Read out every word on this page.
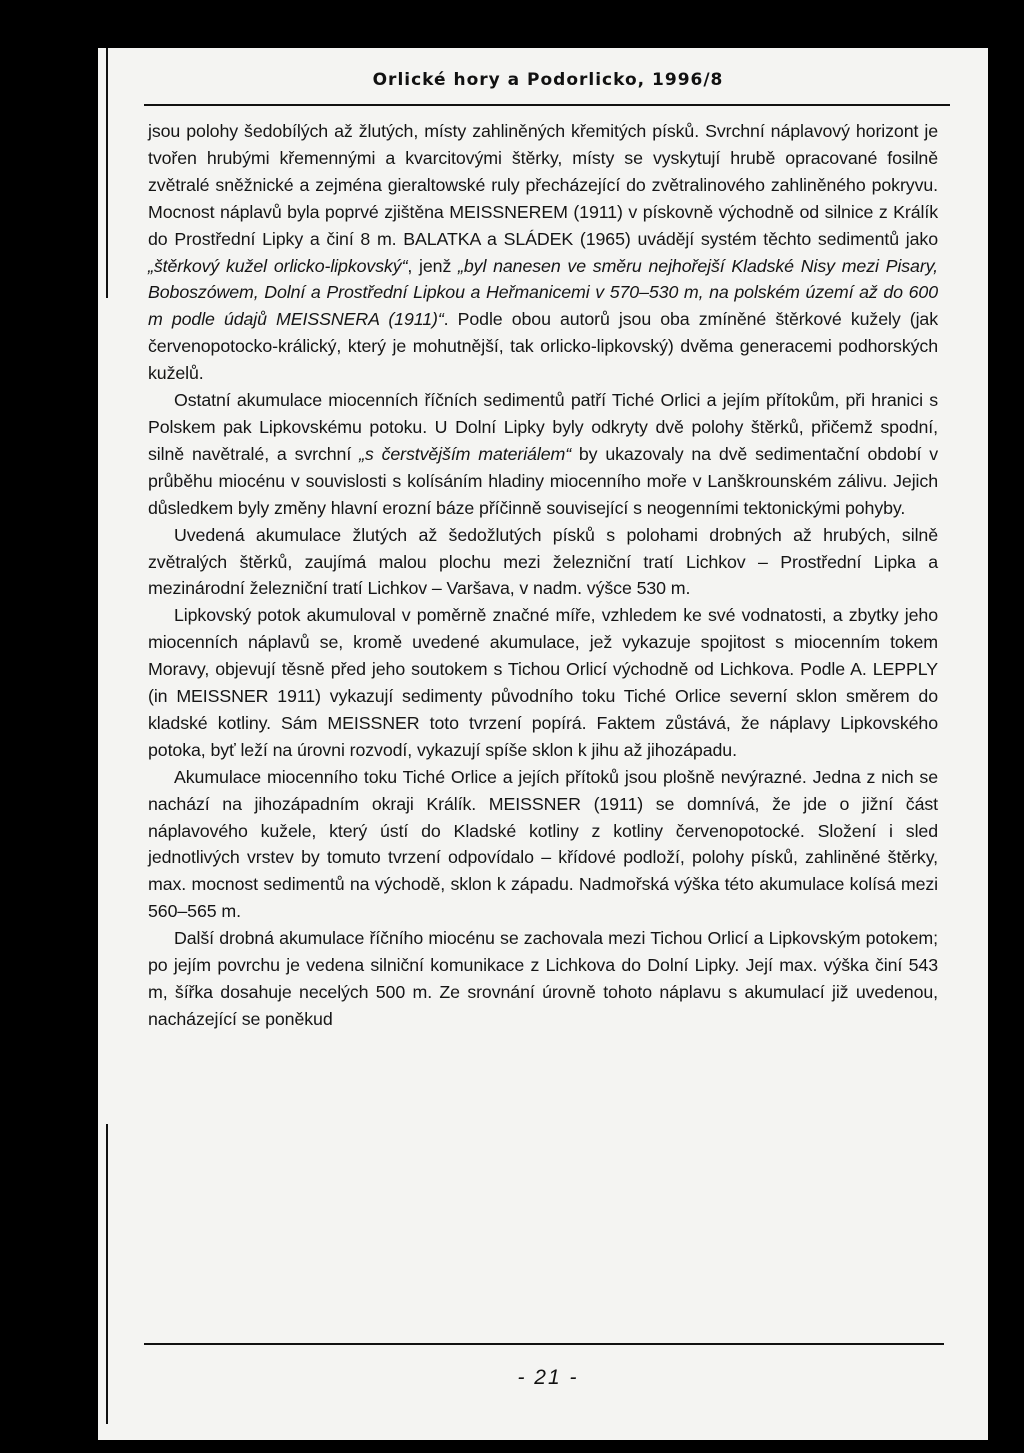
Orlické hory a Podorlicko, 1996/8

jsou polohy šedobílých až žlutých, místy zahliněných křemitých písků. Svrchní náplavový horizont je tvořen hrubými křemennými a kvarcitovými štěrky, místy se vyskytují hrubě opracované fosilně zvětralé sněžnické a zejména gieraltowské ruly přecházející do zvětralinového zahliněného pokryvu. Mocnost náplavů byla poprvé zjištěna MEISSNEREM (1911) v pískovně východně od silnice z Králík do Prostřední Lipky a činí 8 m. BALATKA a SLÁDEK (1965) uvádějí systém těchto sedimentů jako „štěrkový kužel orlicko-lipkovský“, jenž „byl nanesen ve směru nejhořejší Kladské Nisy mezi Pisary, Boboszówem, Dolní a Prostřední Lipkou a Heřmanicemi v 570–530 m, na polském území až do 600 m podle údajů MEISSNERA (1911)“. Podle obou autorů jsou oba zmíněné štěrkové kužely (jak červenopotocko-králický, který je mohutnější, tak orlicko-lipkovský) dvěma generacemi podhorských kuželů.

Ostatní akumulace miocenních říčních sedimentů patří Tiché Orlici a jejím přítokům, při hranici s Polskem pak Lipkovskému potoku. U Dolní Lipky byly odkryty dvě polohy štěrků, přičemž spodní, silně navětralé, a svrchní „s čerstvějším materiálem“ by ukazovaly na dvě sedimentační období v průběhu miocénu v souvislosti s kolísáním hladiny miocenního moře v Lanškrounském zálivu. Jejich důsledkem byly změny hlavní erozní báze příčinně související s neogenními tektonickými pohyby.

Uvedená akumulace žlutých až šedožlutých písků s polohami drobných až hrubých, silně zvětralých štěrků, zaujímá malou plochu mezi železniční tratí Lichkov – Prostřední Lipka a mezinárodní železniční tratí Lichkov – Varšava, v nadm. výšce 530 m.

Lipkovský potok akumuloval v poměrně značné míře, vzhledem ke své vodnatosti, a zbytky jeho miocenních náplavů se, kromě uvedené akumulace, jež vykazuje spojitost s miocenním tokem Moravy, objevují těsně před jeho soutokem s Tichou Orlicí východně od Lichkova. Podle A. LEPPLY (in MEISSNER 1911) vykazují sedimenty původního toku Tiché Orlice severní sklon směrem do kladské kotliny. Sám MEISSNER toto tvrzení popírá. Faktem zůstává, že náplavy Lipkovského potoka, byť leží na úrovni rozvodí, vykazují spíše sklon k jihu až jihozápadu.

Akumulace miocenního toku Tiché Orlice a jejích přítoků jsou plošně nevýrazné. Jedna z nich se nachází na jihozápadním okraji Králík. MEISSNER (1911) se domnívá, že jde o jižní část náplavového kužele, který ústí do Kladské kotliny z kotliny červenopotocké. Složení i sled jednotlivých vrstev by tomuto tvrzení odpovídalo – křídové podloží, polohy písků, zahliněné štěrky, max. mocnost sedimentů na východě, sklon k západu. Nadmořská výška této akumulace kolísá mezi 560–565 m.

Další drobná akumulace říčního miocénu se zachovala mezi Tichou Orlicí a Lipkovským potokem; po jejím povrchu je vedena silniční komunikace z Lichkova do Dolní Lipky. Její max. výška činí 543 m, šířka dosahuje necelých 500 m. Ze srovnání úrovně tohoto náplavu s akumulací již uvedenou, nacházející se poněkud

- 21 -
